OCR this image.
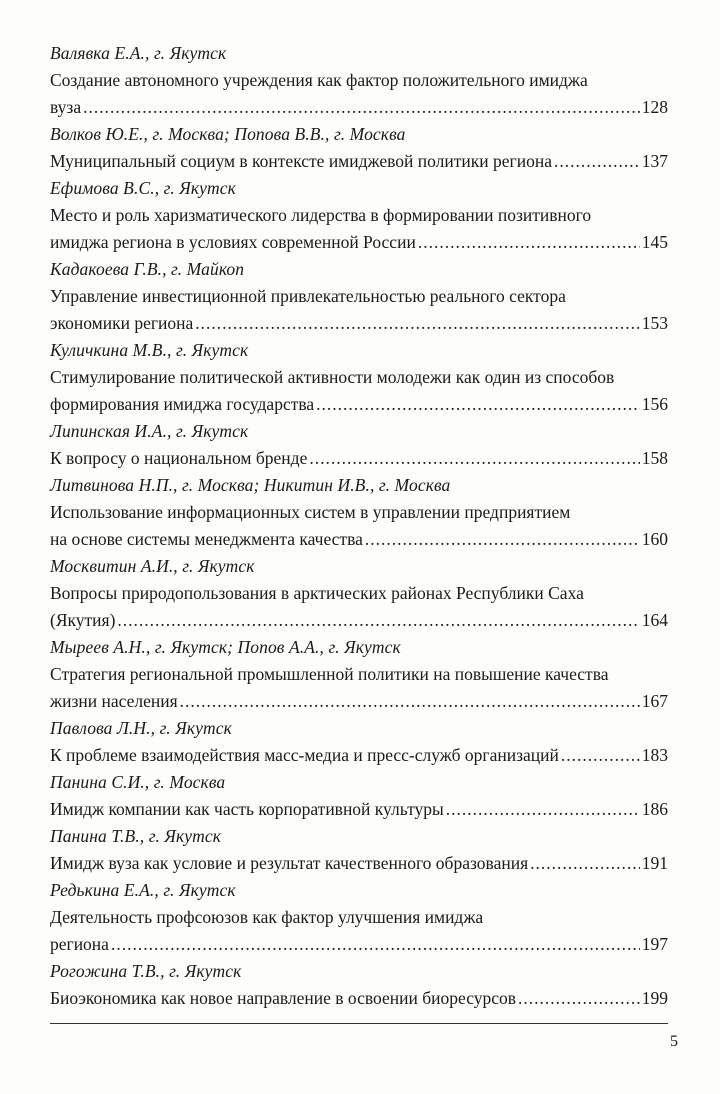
Валявка Е.А., г. Якутск
Создание автономного учреждения как фактор положительного имиджа
вуза .....	128
Волков Ю.Е., г. Москва; Попова В.В., г. Москва
Муниципальный социум в контексте имиджевой политики региона .....	137
Ефимова В.С., г. Якутск
Место и роль харизматического лидерства в формировании позитивного
имиджа региона в условиях современной России .....	145
Кадакоева Г.В., г. Майкоп
Управление инвестиционной привлекательностью реального сектора
экономики региона .....	153
Куличкина М.В., г. Якутск
Стимулирование политической активности молодежи как один из способов
формирования имиджа государства .....	156
Липинская И.А., г. Якутск
К вопросу о национальном бренде .....	158
Литвинова Н.П., г. Москва; Никитин И.В., г. Москва
Использование информационных систем в управлении предприятием
на основе системы менеджмента качества .....	160
Москвитин А.И., г. Якутск
Вопросы природопользования в арктических районах Республики Саха
(Якутия) .....	164
Мыреев А.Н., г. Якутск; Попов А.А., г. Якутск
Стратегия региональной промышленной политики на повышение качества
жизни населения .....	167
Павлова Л.Н., г. Якутск
К проблеме взаимодействия масс-медиа и пресс-служб организаций .....	183
Панина С.И., г. Москва
Имидж компании как часть корпоративной культуры .....	186
Панина Т.В., г. Якутск
Имидж вуза как условие и результат качественного образования .....	191
Редькина Е.А., г. Якутск
Деятельность профсоюзов как фактор улучшения имиджа
региона .....	197
Рогожина Т.В., г. Якутск
Биоэкономика как новое направление в освоении биоресурсов .....	199
5
